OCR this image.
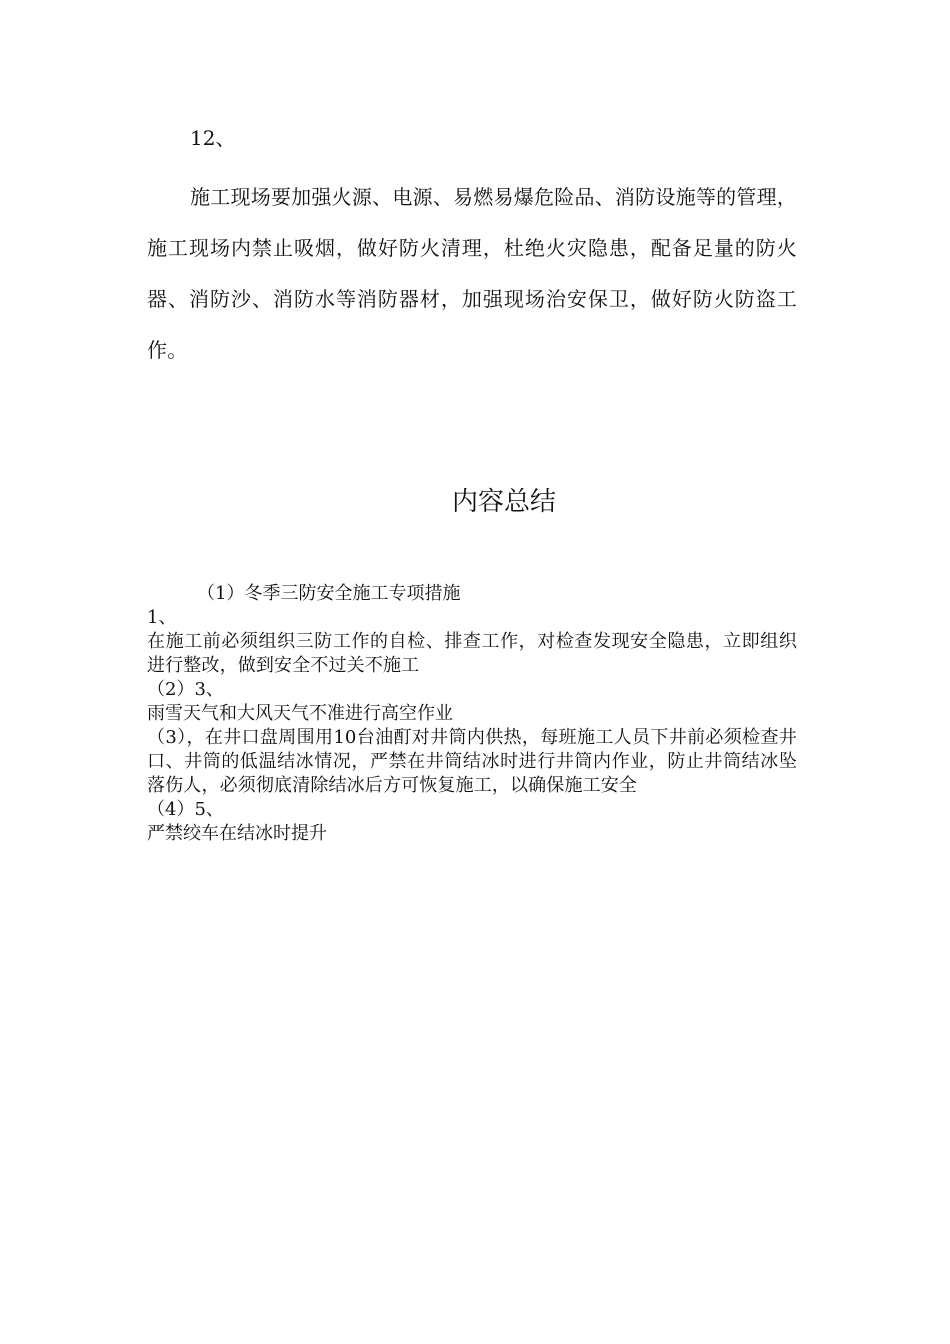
12、

施工现场要加强火源、电源、易燃易爆危险品、消防设施等的管理，施工现场内禁止吸烟，做好防火清理，杜绝火灾隐患，配备足量的防火器、消防沙、消防水等消防器材，加强现场治安保卫，做好防火防盗工作。

内容总结

（1）冬季三防安全施工专项措施

1、

在施工前必须组织三防工作的自检、排查工作，对检查发现安全隐患，立即组织进行整改，做到安全不过关不施工

（2）3、

雨雪天气和大风天气不准进行高空作业

（3），在井口盘周围用10台油酊对井筒内供热，每班施工人员下井前必须检查井口、井筒的低温结冰情况，严禁在井筒结冰时进行井筒内作业，防止井筒结冰坠落伤人，必须彻底清除结冰后方可恢复施工，以确保施工安全

（4）5、

严禁绞车在结冰时提升
